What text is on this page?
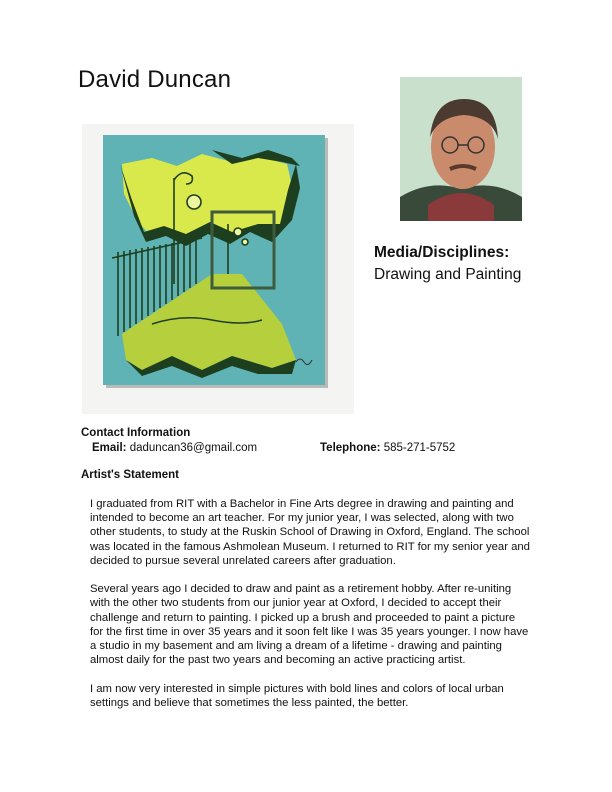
David Duncan
Media/Disciplines:
Drawing and Painting
Contact Information
Email: daduncan36@gmail.com	Telephone: 585-271-5752
Artist's Statement

I graduated from RIT with a Bachelor in Fine Arts degree in drawing and painting and intended to become an art teacher. For my junior year, I was selected, along with two other students, to study at the Ruskin School of Drawing in Oxford, England. The school was located in the famous Ashmolean Museum. I returned to RIT for my senior year and decided to pursue several unrelated careers after graduation.

Several years ago I decided to draw and paint as a retirement hobby. After re-uniting with the other two students from our junior year at Oxford, I decided to accept their challenge and return to painting. I picked up a brush and proceeded to paint a picture for the first time in over 35 years and it soon felt like I was 35 years younger. I now have a studio in my basement and am living a dream of a lifetime - drawing and painting almost daily for the past two years and becoming an active practicing artist.

I am now very interested in simple pictures with bold lines and colors of local urban settings and believe that sometimes the less painted, the better.
